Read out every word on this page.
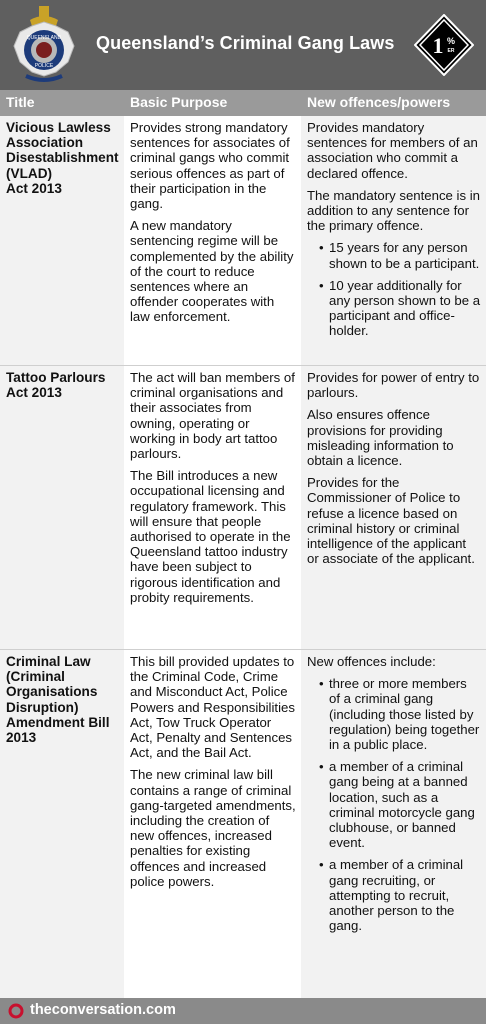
QUEENSLAND
POLICE
Queensland’s Criminal Gang Laws 1 %
ER
Title	Basic Purpose	New offences/powers

Vicious Lawless

Association

Disestablishment

(VLAD)

Act 2013

Provides strong mandatory sentences for associates of criminal gangs who commit serious offences as part of their participation in the gang.

A new mandatory sentencing regime will be complemented by the ability of the court to reduce sentences where an offender cooperates with law enforcement.

Provides mandatory sentences for members of an association who commit a declared offence.

The mandatory sentence is in addition to any sentence for the primary offence.

• 15 years for any person shown to be a participant.
• 10 year additionally for any person shown to be a participant and office-holder.

Tattoo Parlours

Act 2013

The act will ban members of criminal organisations and their associates from owning, operating or working in body art tattoo parlours.

The Bill introduces a new occupational licensing and regulatory framework. This will ensure that people authorised to operate in the Queensland tattoo industry have been subject to rigorous identification and probity requirements.

Provides for power of entry to parlours.

Also ensures offence provisions for providing misleading information to obtain a licence.

Provides for the Commissioner of Police to refuse a licence based on criminal history or criminal intelligence of the applicant or associate of the applicant.

Criminal Law

(Criminal

Organisations

Disruption)

Amendment Bill

2013

This bill provided updates to the Criminal Code, Crime and Misconduct Act, Police Powers and Responsibilities Act, Tow Truck Operator Act, Penalty and Sentences Act, and the Bail Act.

The new criminal law bill contains a range of criminal gang-targeted amendments, including the creation of new offences, increased penalties for existing offences and increased police powers.

New offences include:

• three or more members of a criminal gang (including those listed by regulation) being together in a public place.
• a member of a criminal gang being at a banned location, such as a criminal motorcycle gang clubhouse, or banned event.
• a member of a criminal gang recruiting, or attempting to recruit, another person to the gang.
theconversation.com
